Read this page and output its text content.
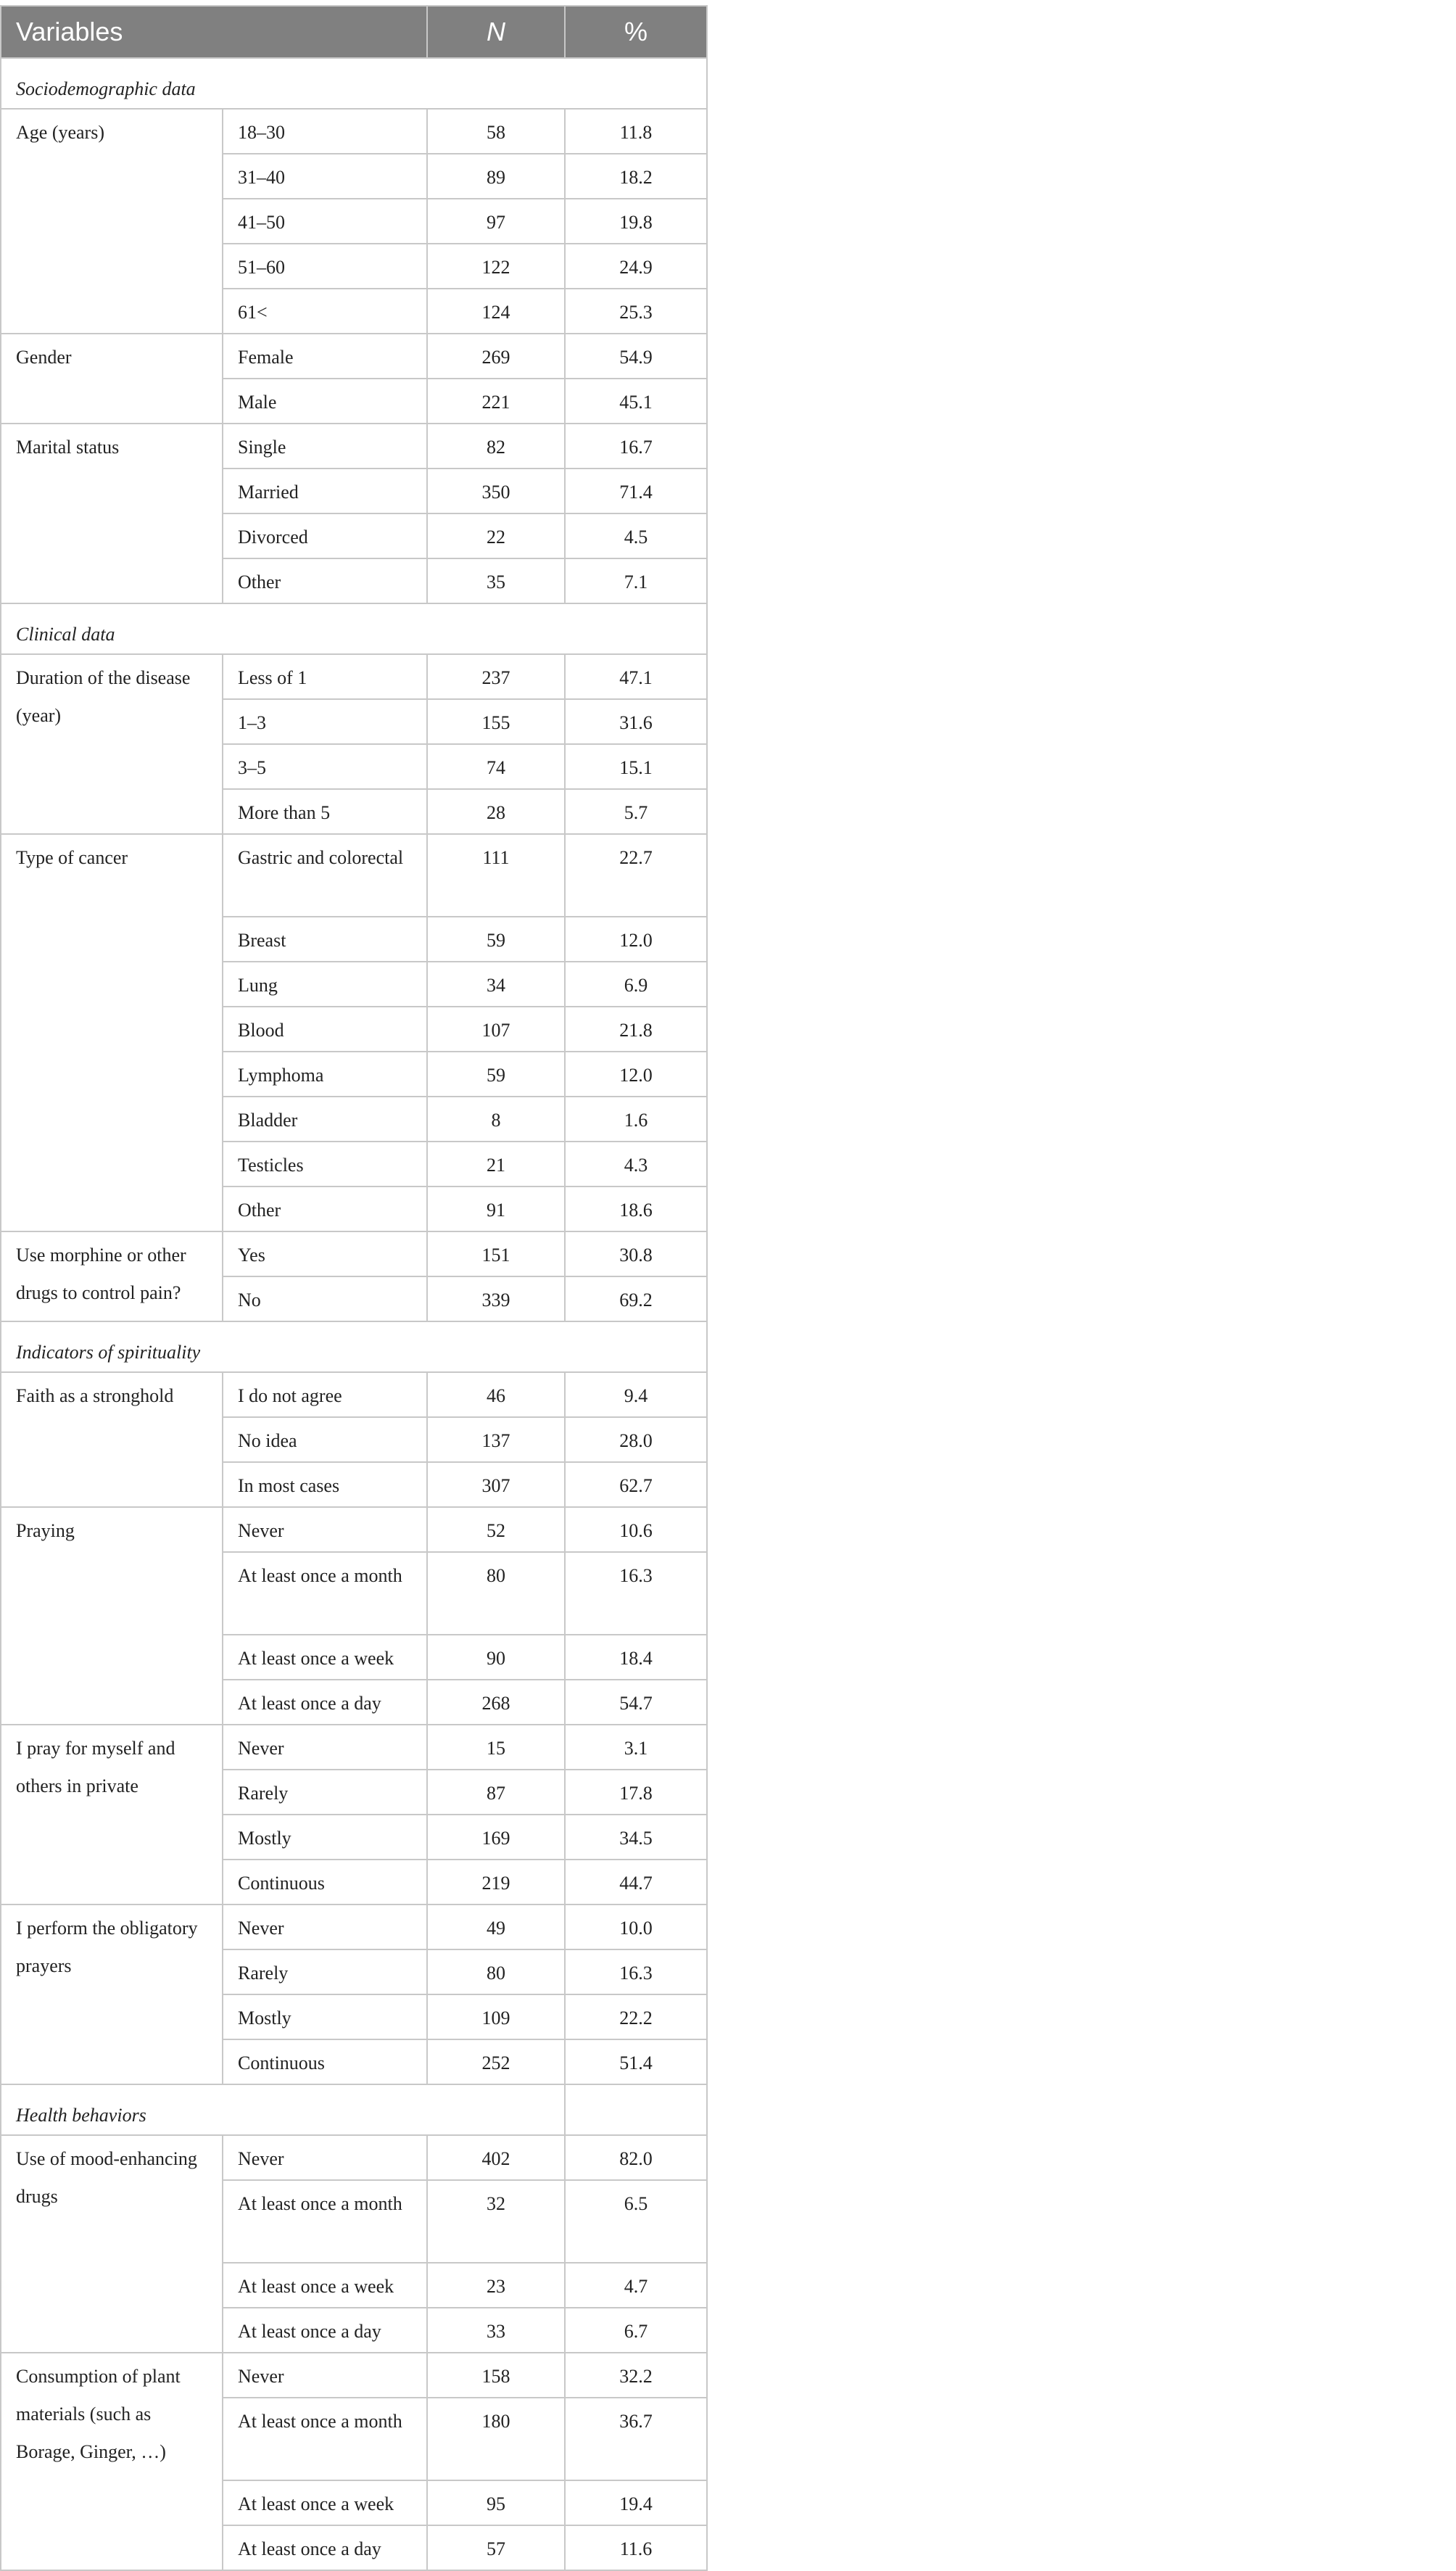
Variables		N	%
Sociodemographic data			

Age (years)	18–30	58	11.8

	31–40	89	18.2

	41–50	97	19.8

	51–60	122	24.9

	61<	124	25.3

Gender	Female	269	54.9

	Male	221	45.1

Marital status	Single	82	16.7

	Married	350	71.4

	Divorced	22	4.5

	Other	35	7.1

Clinical data			

Duration of the disease (year)	Less of 1	237	47.1

	1–3	155	31.6

	3–5	74	15.1

	More than 5	28	5.7

Type of cancer	Gastric and colorectal	111	22.7

	Breast	59	12.0

	Lung	34	6.9

	Blood	107	21.8

	Lymphoma	59	12.0

	Bladder	8	1.6

	Testicles	21	4.3

	Other	91	18.6

Use morphine or other drugs to control pain?	Yes	151	30.8

	No	339	69.2

Indicators of spirituality			

Faith as a stronghold	I do not agree	46	9.4

	No idea	137	28.0

	In most cases	307	62.7

Praying	Never	52	10.6

	At least once a month	80	16.3

	At least once a week	90	18.4

	At least once a day	268	54.7

I pray for myself and others in private	Never	15	3.1

	Rarely	87	17.8

	Mostly	169	34.5

	Continuous	219	44.7

I perform the obligatory prayers	Never	49	10.0

	Rarely	80	16.3

	Mostly	109	22.2

	Continuous	252	51.4

Health behaviors			

Use of mood-enhancing drugs	Never	402	82.0

	At least once a month	32	6.5

	At least once a week	23	4.7

	At least once a day	33	6.7

Consumption of plant materials (such as Borage, Ginger, …)	Never	158	32.2

	At least once a month	180	36.7

	At least once a week	95	19.4

	At least once a day	57	11.6
